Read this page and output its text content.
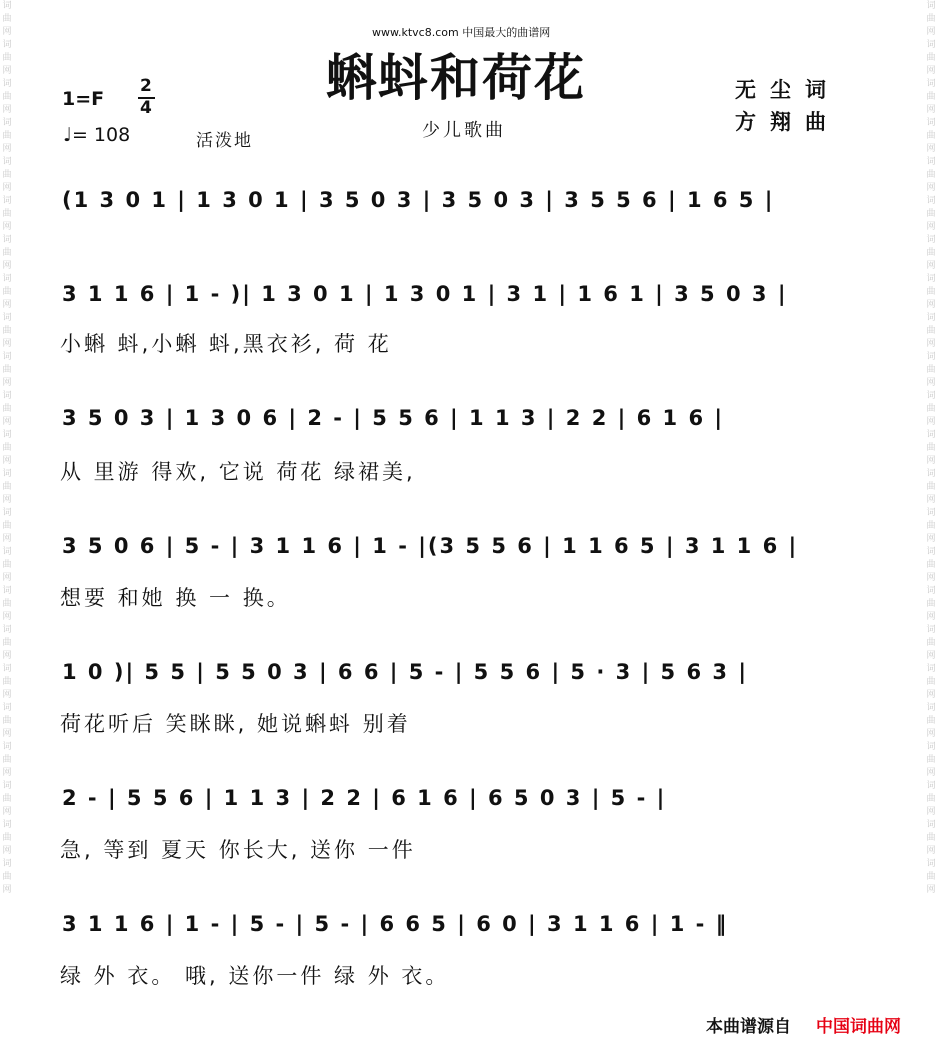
词曲网词曲网词曲网词曲网词曲网词曲网词曲网词曲网词曲网词曲网词曲网词曲网词曲网词曲网词曲网词曲网词曲网词曲网词曲网词曲网词曲网词曲网词曲网
词曲网词曲网词曲网词曲网词曲网词曲网词曲网词曲网词曲网词曲网词曲网词曲网词曲网词曲网词曲网词曲网词曲网词曲网词曲网词曲网词曲网词曲网词曲网
www.ktvc8.com 中国最大的曲谱网
蝌蚪和荷花
少儿歌曲
无尘词
方翔曲
1=F
2
4
♩= 108	活泼地
(1 3 0 1 | 1 3 0 1 | 3 5 0 3 | 3 5 0 3 | 3 5 5 6 | 1 6 5 |
3 1 1 6 | 1 - )| 1 3 0 1 | 1 3 0 1 | 3 1 | 1 6 1 | 3 5 0 3 |
小蝌 蚪,小蝌 蚪,黑衣衫, 荷 花
3 5 0 3 | 1 3 0 6 | 2 - | 5 5 6 | 1 1 3 | 2 2 | 6 1 6 |
从 里游 得欢, 它说 荷花 绿裙美,
3 5 0 6 | 5 - | 3 1 1 6 | 1 - |(3 5 5 6 | 1 1 6 5 | 3 1 1 6 |
想要 和她 换 一 换。
1 0 )| 5 5 | 5 5 0 3 | 6 6 | 5 - | 5 5 6 | 5 · 3 | 5 6 3 |
荷花听后 笑眯眯, 她说蝌蚪 别着
2 - | 5 5 6 | 1 1 3 | 2 2 | 6 1 6 | 6 5 0 3 | 5 - |
急, 等到 夏天 你长大, 送你 一件
3 1 1 6 | 1 - | 5 - | 5 - | 6 6 5 | 6 0 | 3 1 1 6 | 1 - ‖
绿 外 衣。 哦, 送你一件 绿 外 衣。
本曲谱源自 中国词曲网
